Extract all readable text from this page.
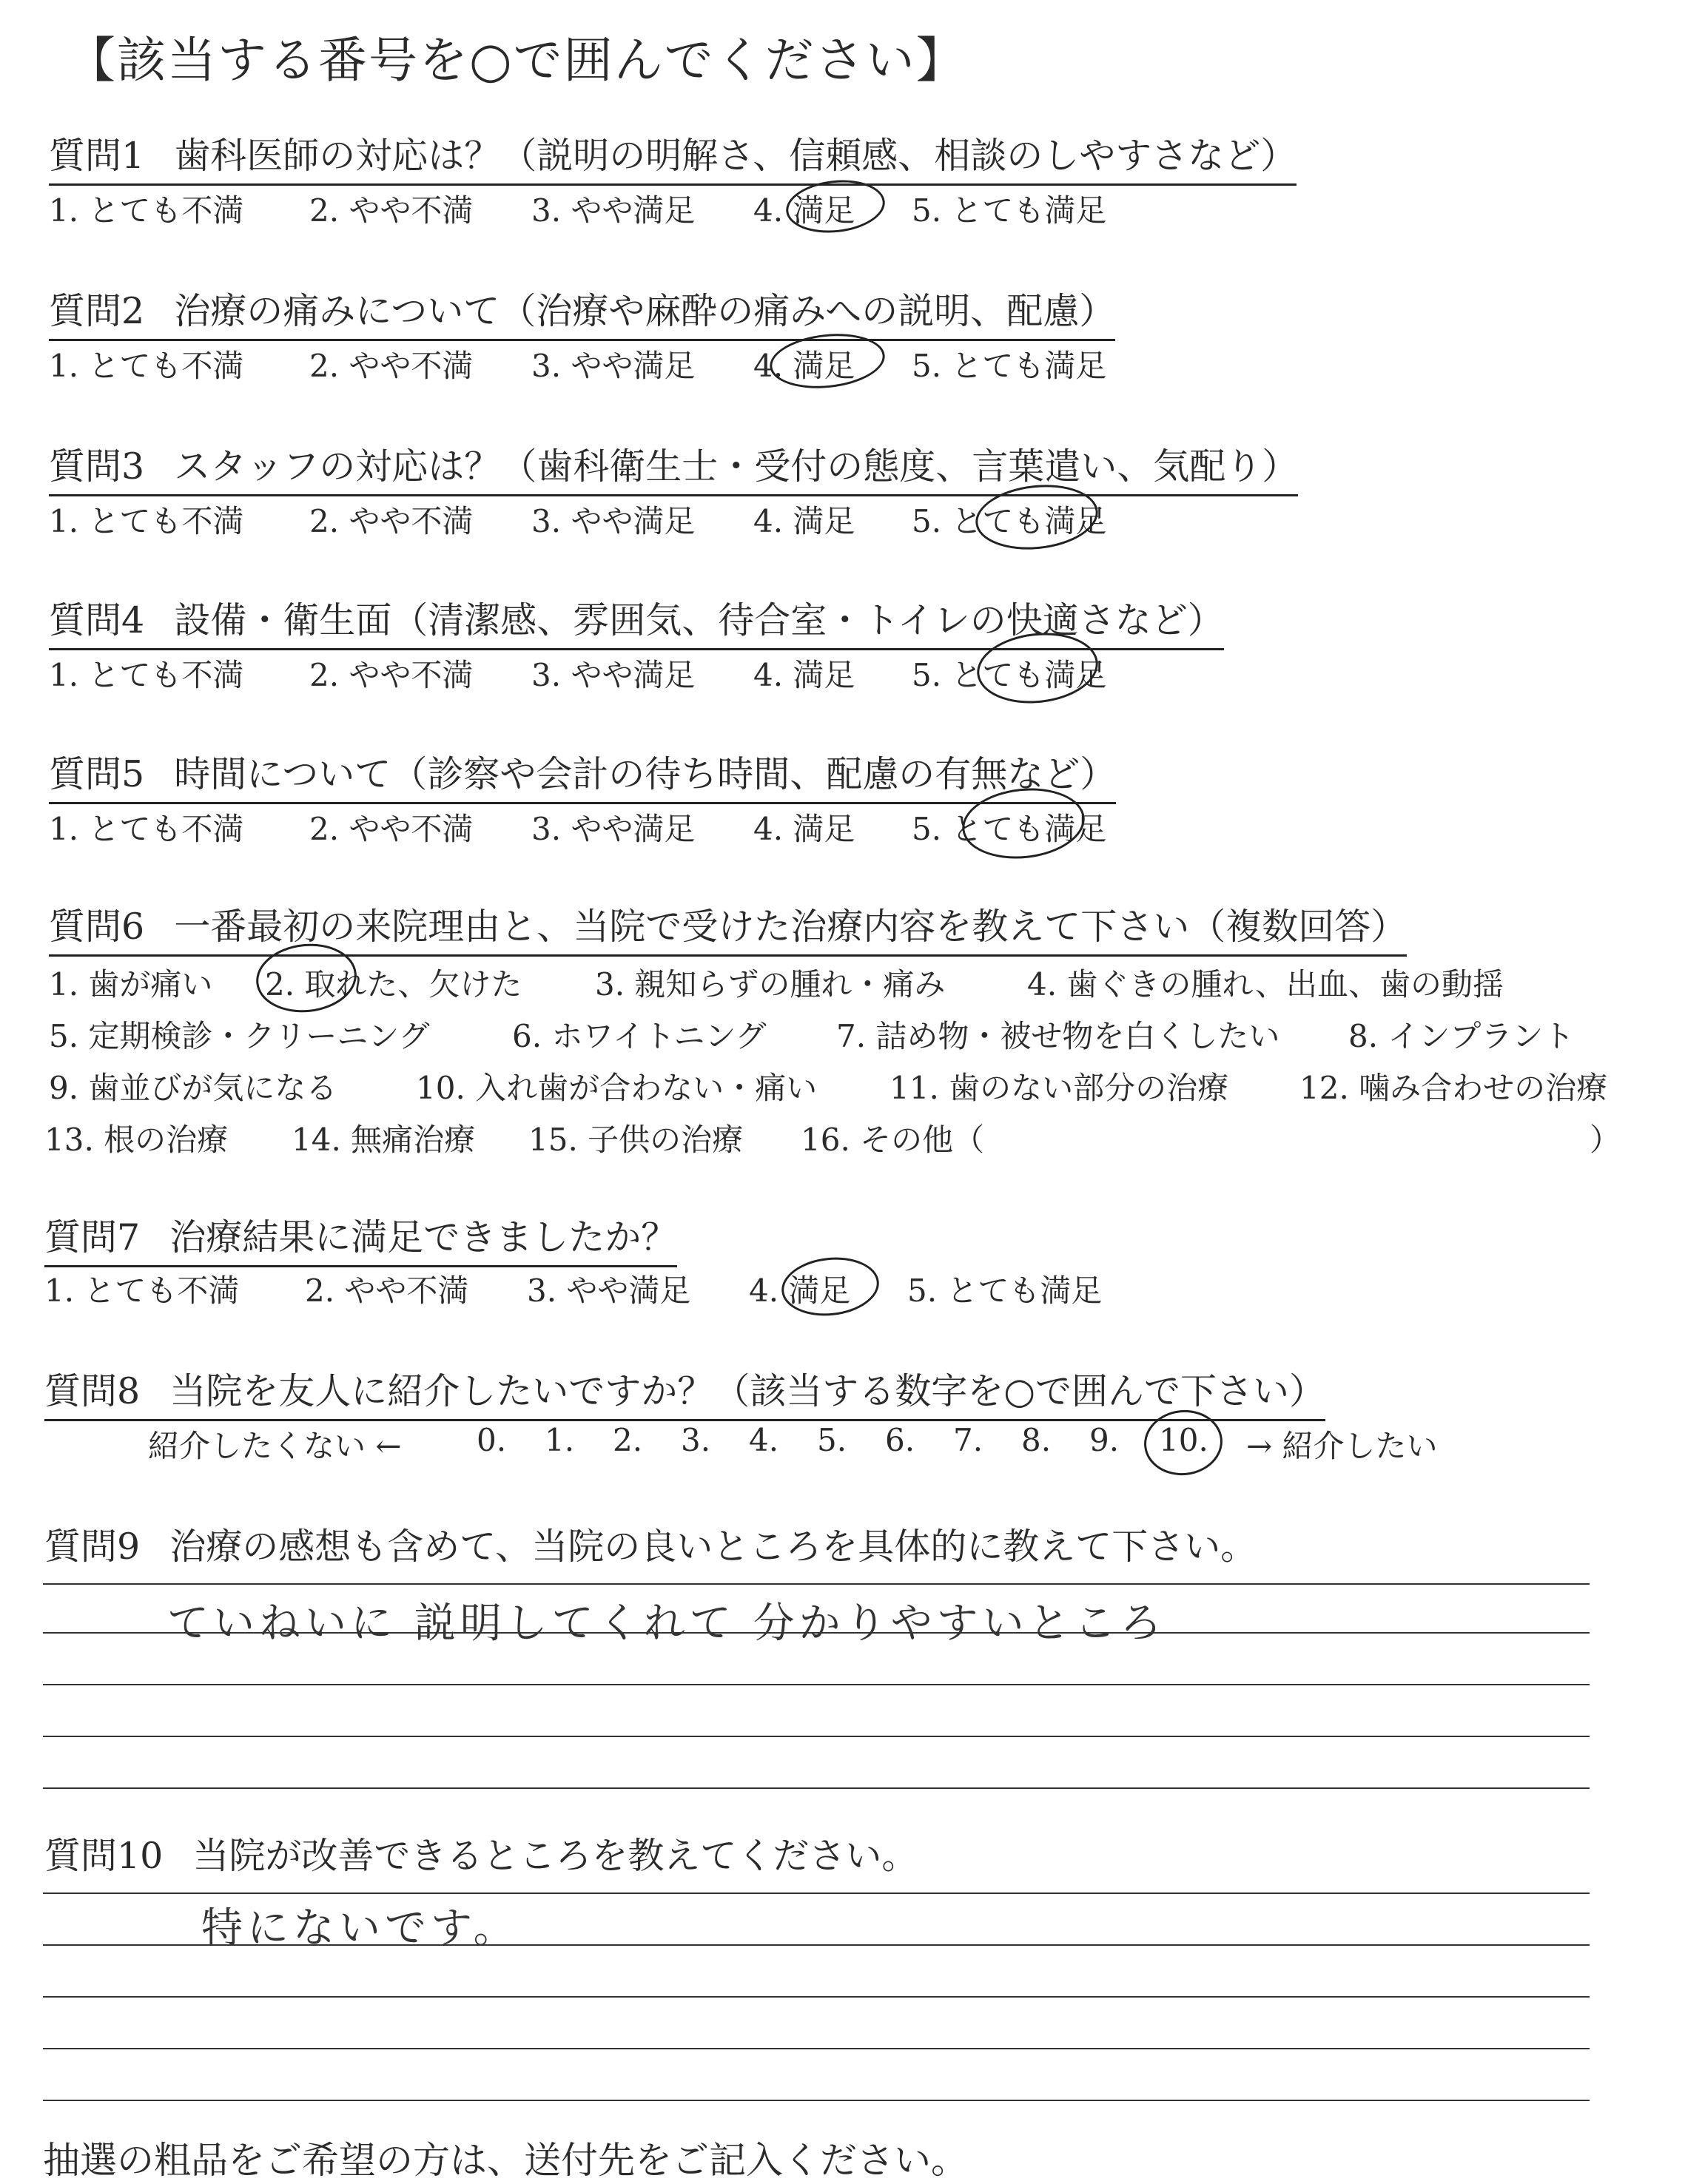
【該当する番号を○で囲んでください】
質問1 歯科医師の対応は？（説明の明解さ、信頼感、相談のしやすさなど）
1. とても不満 2. やや不満 3. やや満足 4. 満足 5. とても満足
質問2 治療の痛みについて（治療や麻酔の痛みへの説明、配慮）
1. とても不満 2. やや不満 3. やや満足 4. 満足 5. とても満足
質問3 スタッフの対応は？（歯科衛生士・受付の態度、言葉遣い、気配り）
1. とても不満 2. やや不満 3. やや満足 4. 満足 5. とても満足
質問4 設備・衛生面（清潔感、雰囲気、待合室・トイレの快適さなど）
1. とても不満 2. やや不満 3. やや満足 4. 満足 5. とても満足
質問5 時間について（診察や会計の待ち時間、配慮の有無など）
1. とても不満 2. やや不満 3. やや満足 4. 満足 5. とても満足
質問6 一番最初の来院理由と、当院で受けた治療内容を教えて下さい（複数回答）
1. 歯が痛い 2. 取れた、欠けた 3. 親知らずの腫れ・痛み	4. 歯ぐきの腫れ、出血、歯の動揺
5. 定期検診・クリーニング	6. ホワイトニング 7. 詰め物・被せ物を白くしたい 8. インプラント
9. 歯並びが気になる	10. 入れ歯が合わない・痛い 11. 歯のない部分の治療 12. 噛み合わせの治療
13. 根の治療 14. 無痛治療 15. 子供の治療 16. その他（	）
質問7 治療結果に満足できましたか？
1. とても不満 2. やや不満 3. やや満足 4. 満足 5. とても満足
質問8 当院を友人に紹介したいですか？（該当する数字を○で囲んで下さい）
紹介したくない ← 0. 1. 2. 3. 4. 5. 6. 7. 8. 9. 10. → 紹介したい
質問9 治療の感想も含めて、当院の良いところを具体的に教えて下さい。
ていねいに 説明してくれて 分かりやすいところ
質問10 当院が改善できるところを教えてください。
特にないです。
抽選の粗品をご希望の方は、送付先をご記入ください。
